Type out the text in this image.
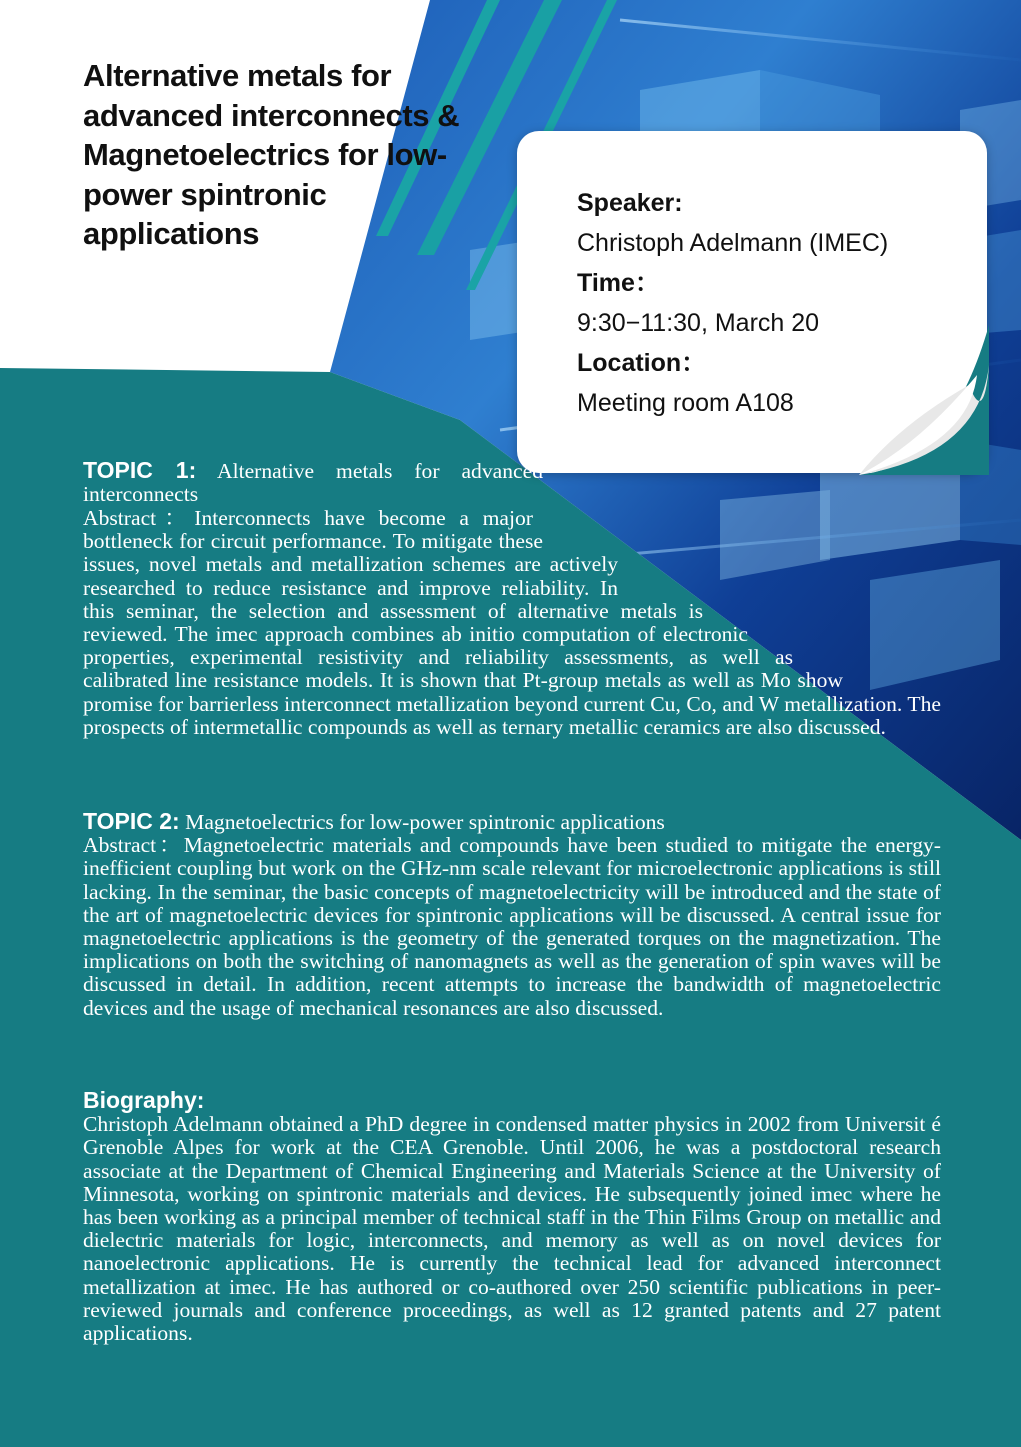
Alternative metals for advanced interconnects & Magnetoelectrics for low-power spintronic applications
Speaker:
Christoph Adelmann (IMEC)
Time：
9:30−11:30, March 20
Location：
Meeting room A108

TOPIC 1: Alternative metals for advanced interconnects

Abstract：Interconnects have become a major bottleneck for circuit performance. To mitigate these issues, novel metals and metallization schemes are actively researched to reduce resistance and improve reliability. In this seminar, the selection and assessment of alternative metals is reviewed. The imec approach combines ab initio computation of electronic properties, experimental resistivity and reliability assessments, as well as calibrated line resistance models. It is shown that Pt-group metals as well as Mo show promise for barrierless interconnect metallization beyond current Cu, Co, and W metallization. The prospects of intermetallic compounds as well as ternary metallic ceramics are also discussed.

TOPIC 2: Magnetoelectrics for low-power spintronic applications

Abstract：Magnetoelectric materials and compounds have been studied to mitigate the energy-inefficient coupling but work on the GHz-nm scale relevant for microelectronic applications is still lacking. In the seminar, the basic concepts of magnetoelectricity will be introduced and the state of the art of magnetoelectric devices for spintronic applications will be discussed. A central issue for magnetoelectric applications is the geometry of the generated torques on the magnetization. The implications on both the switching of nanomagnets as well as the generation of spin waves will be discussed in detail. In addition, recent attempts to increase the bandwidth of magnetoelectric devices and the usage of mechanical resonances are also discussed.

Biography:

Christoph Adelmann obtained a PhD degree in condensed matter physics in 2002 from Universit é Grenoble Alpes for work at the CEA Grenoble. Until 2006, he was a postdoctoral research associate at the Department of Chemical Engineering and Materials Science at the University of Minnesota, working on spintronic materials and devices. He subsequently joined imec where he has been working as a principal member of technical staff in the Thin Films Group on metallic and dielectric materials for logic, interconnects, and memory as well as on novel devices for nanoelectronic applications. He is currently the technical lead for advanced interconnect metallization at imec. He has authored or co-authored over 250 scientific publications in peer-reviewed journals and conference proceedings, as well as 12 granted patents and 27 patent applications.
